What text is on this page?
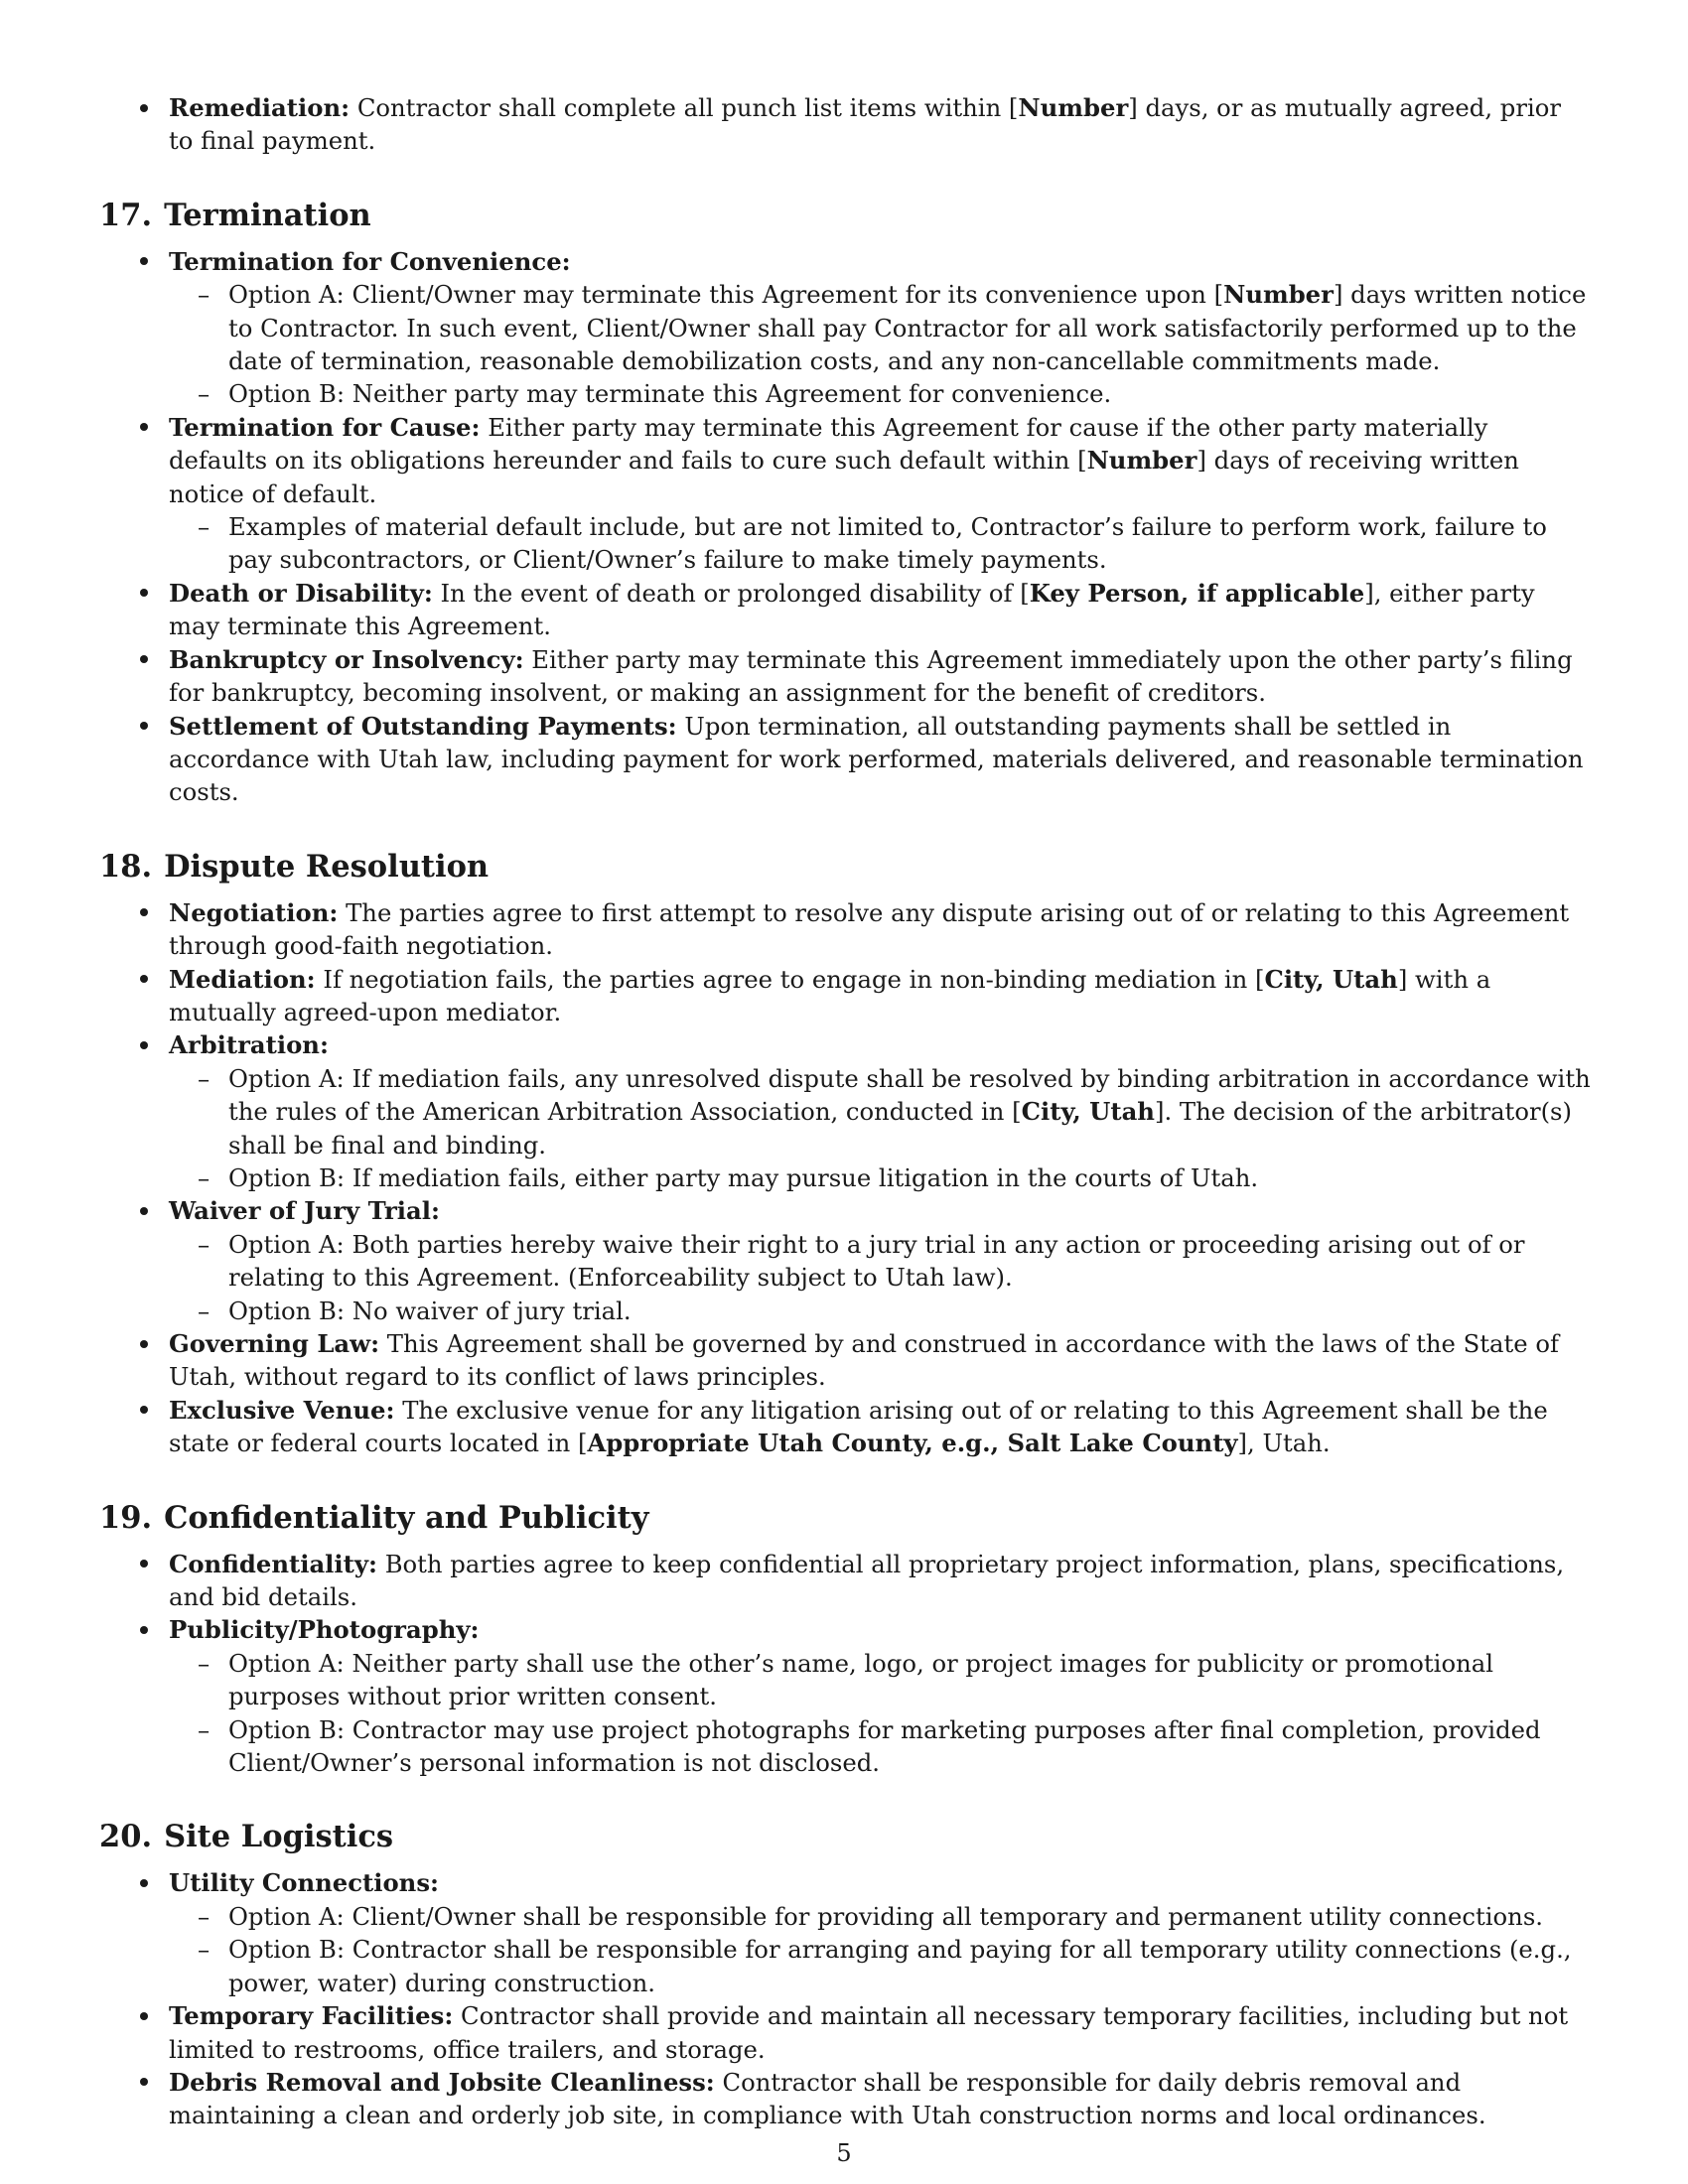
Remediation: Contractor shall complete all punch list items within [Number] days, or as mutually agreed, prior to final payment.
17. Termination
Termination for Convenience:
– Option A: Client/Owner may terminate this Agreement for its convenience upon [Number] days written notice to Contractor. In such event, Client/Owner shall pay Contractor for all work satisfactorily performed up to the date of termination, reasonable demobilization costs, and any non-cancellable commitments made.
– Option B: Neither party may terminate this Agreement for convenience.
Termination for Cause: Either party may terminate this Agreement for cause if the other party materially defaults on its obligations hereunder and fails to cure such default within [Number] days of receiving written notice of default.
– Examples of material default include, but are not limited to, Contractor’s failure to perform work, failure to pay subcontractors, or Client/Owner’s failure to make timely payments.
Death or Disability: In the event of death or prolonged disability of [Key Person, if applicable], either party may terminate this Agreement.
Bankruptcy or Insolvency: Either party may terminate this Agreement immediately upon the other party’s filing for bankruptcy, becoming insolvent, or making an assignment for the benefit of creditors.
Settlement of Outstanding Payments: Upon termination, all outstanding payments shall be settled in accordance with Utah law, including payment for work performed, materials delivered, and reasonable termination costs.
18. Dispute Resolution
Negotiation: The parties agree to first attempt to resolve any dispute arising out of or relating to this Agreement through good-faith negotiation.
Mediation: If negotiation fails, the parties agree to engage in non-binding mediation in [City, Utah] with a mutually agreed-upon mediator.
Arbitration:
– Option A: If mediation fails, any unresolved dispute shall be resolved by binding arbitration in accordance with the rules of the American Arbitration Association, conducted in [City, Utah]. The decision of the arbitrator(s) shall be final and binding.
– Option B: If mediation fails, either party may pursue litigation in the courts of Utah.
Waiver of Jury Trial:
– Option A: Both parties hereby waive their right to a jury trial in any action or proceeding arising out of or relating to this Agreement. (Enforceability subject to Utah law).
– Option B: No waiver of jury trial.
Governing Law: This Agreement shall be governed by and construed in accordance with the laws of the State of Utah, without regard to its conflict of laws principles.
Exclusive Venue: The exclusive venue for any litigation arising out of or relating to this Agreement shall be the state or federal courts located in [Appropriate Utah County, e.g., Salt Lake County], Utah.
19. Confidentiality and Publicity
Confidentiality: Both parties agree to keep confidential all proprietary project information, plans, specifications, and bid details.
Publicity/Photography:
– Option A: Neither party shall use the other’s name, logo, or project images for publicity or promotional purposes without prior written consent.
– Option B: Contractor may use project photographs for marketing purposes after final completion, provided Client/Owner’s personal information is not disclosed.
20. Site Logistics
Utility Connections:
– Option A: Client/Owner shall be responsible for providing all temporary and permanent utility connections.
– Option B: Contractor shall be responsible for arranging and paying for all temporary utility connections (e.g., power, water) during construction.
Temporary Facilities: Contractor shall provide and maintain all necessary temporary facilities, including but not limited to restrooms, office trailers, and storage.
Debris Removal and Jobsite Cleanliness: Contractor shall be responsible for daily debris removal and maintaining a clean and orderly job site, in compliance with Utah construction norms and local ordinances.
5
